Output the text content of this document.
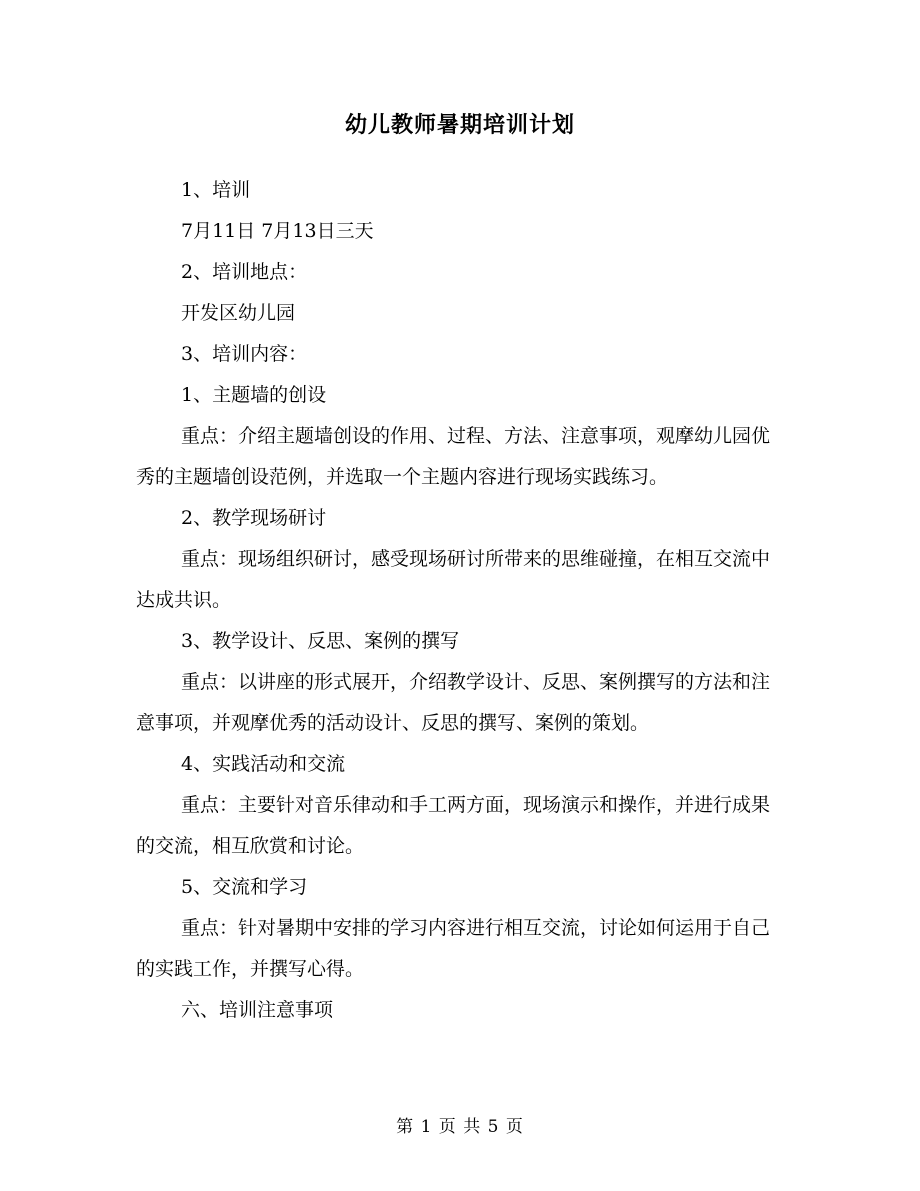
幼儿教师暑期培训计划

1、培训

7月11日 7月13日三天

2、培训地点：

开发区幼儿园

3、培训内容：

1、主题墙的创设

重点：介绍主题墙创设的作用、过程、方法、注意事项，观摩幼儿园优秀的主题墙创设范例，并选取一个主题内容进行现场实践练习。

2、教学现场研讨

重点：现场组织研讨，感受现场研讨所带来的思维碰撞，在相互交流中达成共识。

3、教学设计、反思、案例的撰写

重点：以讲座的形式展开，介绍教学设计、反思、案例撰写的方法和注意事项，并观摩优秀的活动设计、反思的撰写、案例的策划。

4、实践活动和交流

重点：主要针对音乐律动和手工两方面，现场演示和操作，并进行成果的交流，相互欣赏和讨论。

5、交流和学习

重点：针对暑期中安排的学习内容进行相互交流，讨论如何运用于自己的实践工作，并撰写心得。

六、培训注意事项

第 1 页 共 5 页
